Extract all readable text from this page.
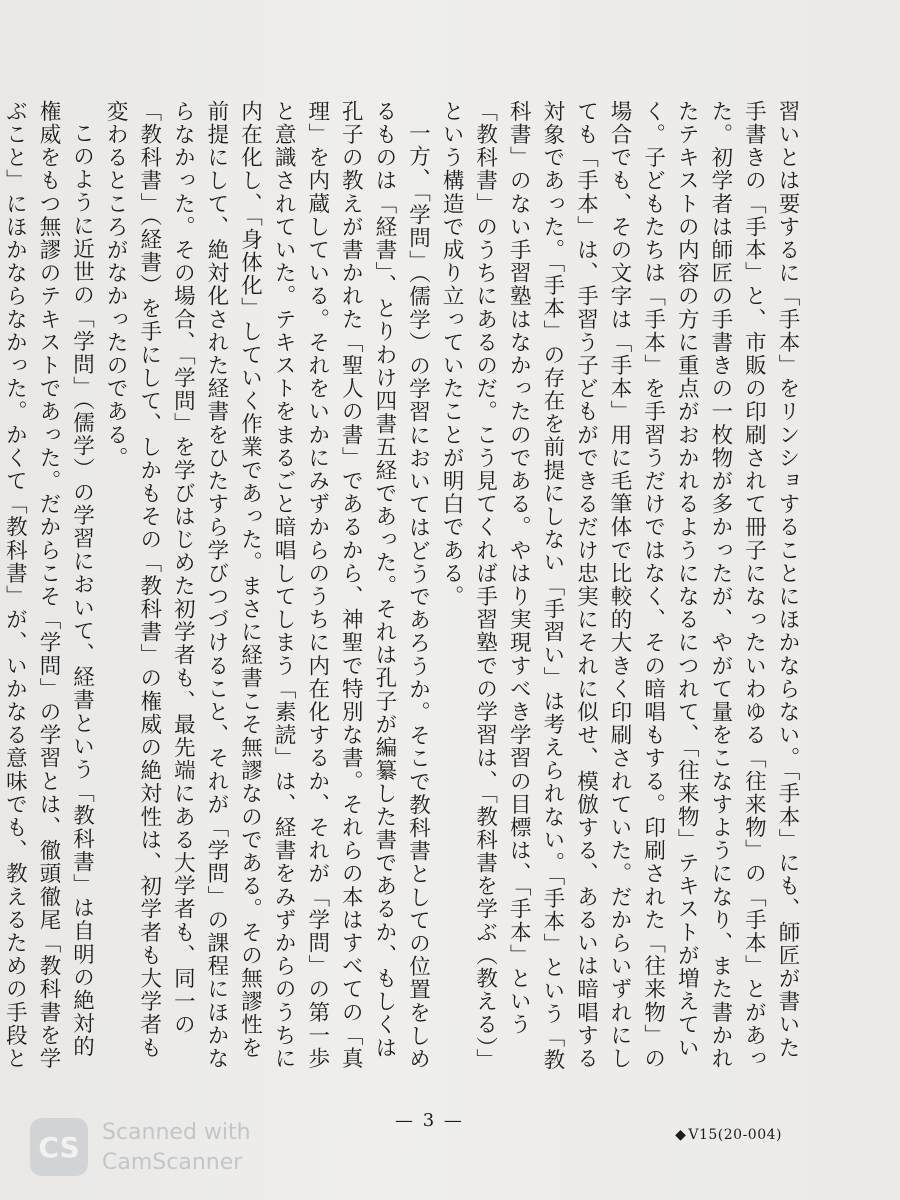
習いとは要するに「手本」をリンショすることにほかならない。「手本」にも、師匠が書いた手書きの「手本」と、市販の印刷されて冊子になったいわゆる「往来物」の「手本」とがあった。初学者は師匠の手書きの一枚物が多かったが、やがて量をこなすようになり、また書かれたテキストの内容の方に重点がおかれるようになるにつれて、「往来物」テキストが増えていく。子どもたちは「手本」を手習うだけではなく、その暗唱もする。印刷された「往来物」の場合でも、その文字は「手本」用に毛筆体で比較的大きく印刷されていた。だからいずれにしても「手本」は、手習う子どもができるだけ忠実にそれに似せ、模倣する、あるいは暗唱する対象であった。「手本」の存在を前提にしない「手習い」は考えられない。「手本」という「教科書」のない手習塾はなかったのである。やはり実現すべき学習の目標は、「手本」という「教科書」のうちにあるのだ。こう見てくれば手習塾での学習は、「教科書を学ぶ（教える）」という構造で成り立っていたことが明白である。

一方、「学問」（儒学）の学習においてはどうであろうか。そこで教科書としての位置をしめるものは「経書」、とりわけ四書五経であった。それは孔子が編纂した書であるか、もしくは孔子の教えが書かれた「聖人の書」であるから、神聖で特別な書。それらの本はすべての「真理」を内蔵している。それをいかにみずからのうちに内在化するか、それが「学問」の第一歩と意識されていた。テキストをまるごと暗唱してしまう「素読」は、経書をみずからのうちに内在化し、「身体化」していく作業であった。まさに経書こそ無謬なのである。その無謬性を前提にして、絶対化された経書をひたすら学びつづけること、それが「学問」の課程にほかならなかった。その場合、「学問」を学びはじめた初学者も、最先端にある大学者も、同一の「教科書」（経書）を手にして、しかもその「教科書」の権威の絶対性は、初学者も大学者も変わるところがなかったのである。

このように近世の「学問」（儒学）の学習において、経書という「教科書」は自明の絶対的権威をもつ無謬のテキストであった。だからこそ「学問」の学習とは、徹頭徹尾「教科書を学ぶこと」にほかならなかった。かくて「教科書」が、いかなる意味でも、教えるための手段と

— 3 —
◆ V15(20-004)
CS Scanned with
CamScanner
